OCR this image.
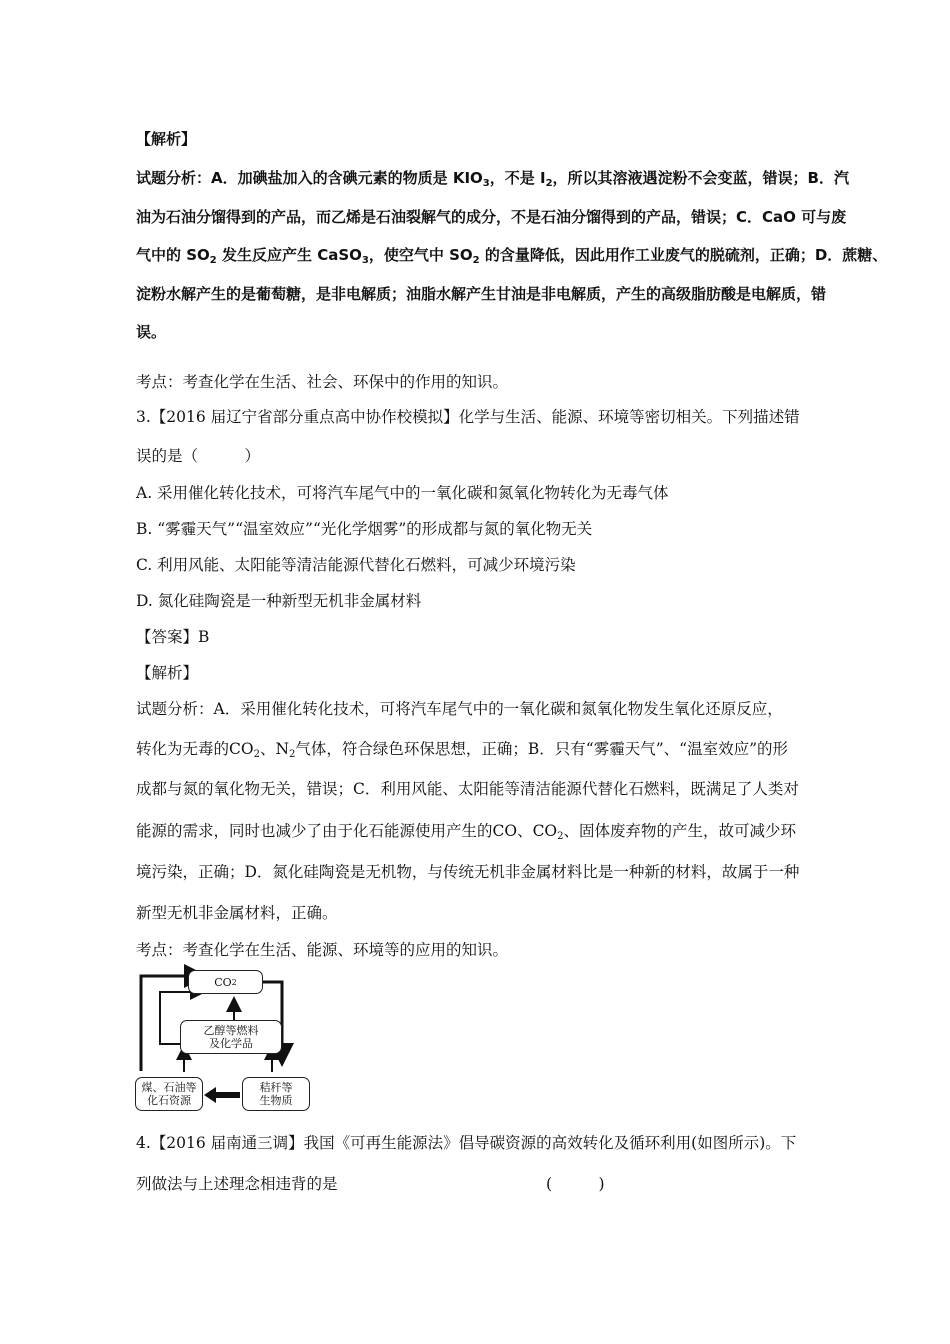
【解析】
试题分析：A．加碘盐加入的含碘元素的物质是 $KIO_3$，不是 $I_2$，所以其溶液遇淀粉不会变蓝，错误；B．汽
油为石油分馏得到的产品，而乙烯是石油裂解气的成分，不是石油分馏得到的产品，错误；C．CaO 可与废
气中的 $SO_2$ 发生反应产生 CaSO$_3$，使空气中 $SO_2$ 的含量降低，因此用作工业废气的脱硫剂，正确；D．蔗糖、
淀粉水解产生的是葡萄糖，是非电解质；油脂水解产生甘油是非电解质，产生的高级脂肪酸是电解质，错
误。
考点：考查化学在生活、社会、环保中的作用的知识。
3.【2016 届辽宁省部分重点高中协作校模拟】化学与生活、能源、环境等密切相关。下列描述错
误的是（　　　）
A. 采用催化转化技术，可将汽车尾气中的一氧化碳和氮氧化物转化为无毒气体
B. “雾霾天气”“温室效应”“光化学烟雾”的形成都与氮的氧化物无关
C. 利用风能、太阳能等清洁能源代替化石燃料，可减少环境污染
D. 氮化硅陶瓷是一种新型无机非金属材料
【答案】B
【解析】
试题分析：A．采用催化转化技术，可将汽车尾气中的一氧化碳和氮氧化物发生氧化还原反应，
转化为无毒的$CO_2$、$N_2$气体，符合绿色环保思想，正确；B．只有“雾霾天气”、“温室效应”的形
成都与氮的氧化物无关，错误；C．利用风能、太阳能等清洁能源代替化石燃料，既满足了人类对
能源的需求，同时也减少了由于化石能源使用产生的CO、$CO_2$、固体废弃物的产生，故可减少环
境污染，正确；D．氮化硅陶瓷是无机物，与传统无机非金属材料比是一种新的材料，故属于一种
新型无机非金属材料，正确。
考点：考查化学在生活、能源、环境等的应用的知识。
CO 2
乙醇等燃料
及化学品
煤、石油等
化石资源
秸秆等
生物质
4.【2016 届南通三调】我国《可再生能源法》倡导碳资源的高效转化及循环利用(如图所示)。下
列做法与上述理念相违背的是	(　　　)
